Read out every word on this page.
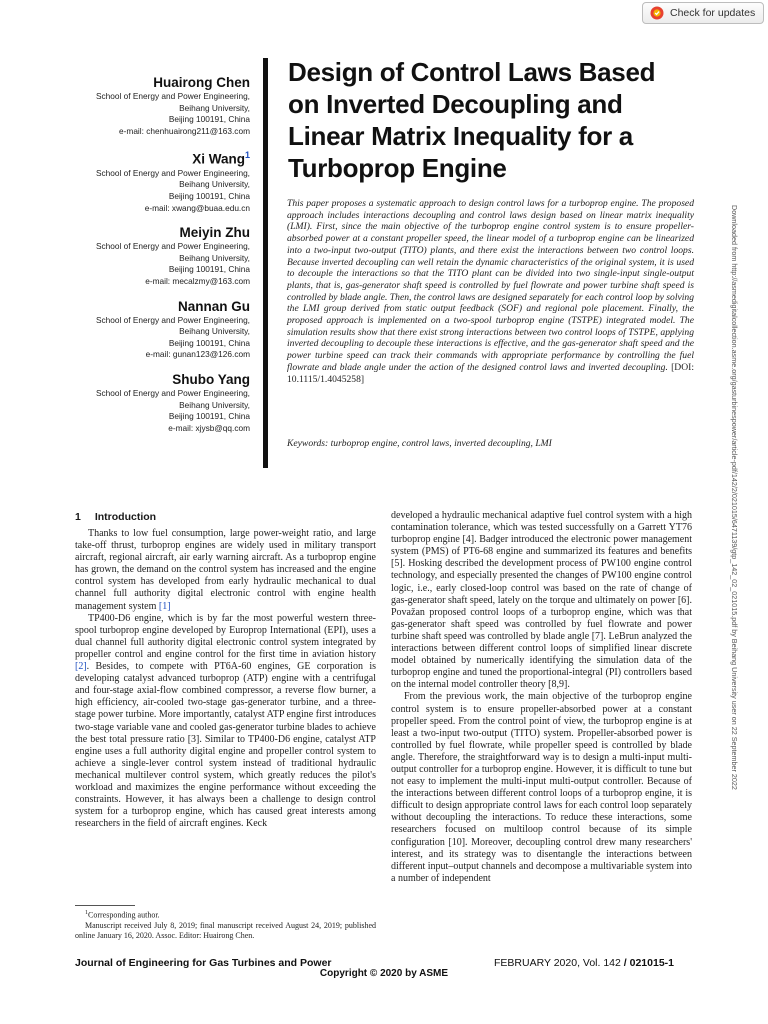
Check for updates
Huairong Chen
School of Energy and Power Engineering,
Beihang University,
Beijing 100191, China
e-mail: chenhuairong211@163.com
Xi Wang$^1$
School of Energy and Power Engineering,
Beihang University,
Beijing 100191, China
e-mail: xwang@buaa.edu.cn
Meiyin Zhu
School of Energy and Power Engineering,
Beihang University,
Beijing 100191, China
e-mail: mecalzmy@163.com
Nannan Gu
School of Energy and Power Engineering,
Beihang University,
Beijing 100191, China
e-mail: gunan123@126.com
Shubo Yang
School of Energy and Power Engineering,
Beihang University,
Beijing 100191, China
e-mail: xjysb@qq.com
Design of Control Laws Based on Inverted Decoupling and Linear Matrix Inequality for a Turboprop Engine
This paper proposes a systematic approach to design control laws for a turboprop engine. The proposed approach includes interactions decoupling and control laws design based on linear matrix inequality (LMI). First, since the main objective of the turboprop engine control system is to ensure propeller-absorbed power at a constant propeller speed, the linear model of a turboprop engine can be linearized into a two-input two-output (TITO) plants, and there exist the interactions between two control loops. Because inverted decoupling can well retain the dynamic characteristics of the original system, it is used to decouple the interactions so that the TITO plant can be divided into two single-input single-output plants, that is, gas-generator shaft speed is controlled by fuel flowrate and power turbine shaft speed is controlled by blade angle. Then, the control laws are designed separately for each control loop by solving the LMI group derived from static output feedback (SOF) and regional pole placement. Finally, the proposed approach is implemented on a two-spool turboprop engine (TSTPE) integrated model. The simulation results show that there exist strong interactions between two control loops of TSTPE, applying inverted decoupling to decouple these interactions is effective, and the gas-generator shaft speed and the power turbine speed can track their commands with appropriate performance by controlling the fuel flowrate and blade angle under the action of the designed control laws and inverted decoupling. [DOI: 10.1115/1.4045258]
Keywords: turboprop engine, control laws, inverted decoupling, LMI	Downloaded from http://asmedigitalcollection.asme.org/gasturbinespower/article-pdf/142/2/021015/6471139/gtp_142_02_021015.pdf by Beihang University user on 22 September 2022
1 Introduction

Thanks to low fuel consumption, large power-weight ratio, and large take-off thrust, turboprop engines are widely used in military transport aircraft, regional aircraft, air early warning aircraft. As a turboprop engine has grown, the demand on the control system has increased and the engine control system has developed from early hydraulic mechanical to dual channel full authority digital electronic control with engine health management system [1]

TP400-D6 engine, which is by far the most powerful western three-spool turboprop engine developed by Europrop International (EPI), uses a dual channel full authority digital electronic control system integrated by propeller control and engine control for the first time in aviation history [2]. Besides, to compete with PT6A-60 engines, GE corporation is developing catalyst advanced turboprop (ATP) engine with a centrifugal and four-stage axial-flow combined compressor, a reverse flow burner, a high efficiency, air-cooled two-stage gas-generator turbine, and a three-stage power turbine. More importantly, catalyst ATP engine first introduces two-stage variable vane and cooled gas-generator turbine blades to achieve the best total pressure ratio [3]. Similar to TP400-D6 engine, catalyst ATP engine uses a full authority digital engine and propeller control system to achieve a single-lever control system instead of traditional hydraulic mechanical multilever control system, which greatly reduces the pilot's workload and maximizes the engine performance without exceeding the constraints. However, it has always been a challenge to design control system for a turboprop engine, which has caused great interests among researchers in the field of aircraft engines. Keck

developed a hydraulic mechanical adaptive fuel control system with a high contamination tolerance, which was tested successfully on a Garrett YT76 turboprop engine [4]. Badger introduced the electronic power management system (PMS) of PT6-68 engine and summarized its features and benefits [5]. Hosking described the development process of PW100 engine control technology, and especially presented the changes of PW100 engine control logic, i.e., early closed-loop control was based on the rate of change of gas-generator shaft speed, lately on the torque and ultimately on power [6]. Považan proposed control loops of a turboprop engine, which was that gas-generator shaft speed was controlled by fuel flowrate and power turbine shaft speed was controlled by blade angle [7]. LeBrun analyzed the interactions between different control loops of simplified linear discrete model obtained by numerically identifying the simulation data of the turboprop engine and tuned the proportional-integral (PI) controllers based on the internal model controller theory [8,9].

From the previous work, the main objective of the turboprop engine control system is to ensure propeller-absorbed power at a constant propeller speed. From the control point of view, the turboprop engine is at least a two-input two-output (TITO) system. Propeller-absorbed power is controlled by fuel flowrate, while propeller speed is controlled by blade angle. Therefore, the straightforward way is to design a multi-input multi-output controller for a turboprop engine. However, it is difficult to tune but not easy to implement the multi-input multi-output controller. Because of the interactions between different control loops of a turboprop engine, it is difficult to design appropriate control laws for each control loop separately without decoupling the interactions. To reduce these interactions, some researchers focused on multiloop control because of its simple configuration [10]. Moreover, decoupling control drew many researchers' interest, and its strategy was to disentangle the interactions between different input–output channels and decompose a multivariable system into a number of independent

$^1$Corresponding author.

Manuscript received July 8, 2019; final manuscript received August 24, 2019; published online January 16, 2020. Assoc. Editor: Huairong Chen.

Journal of Engineering for Gas Turbines and Power	FEBRUARY 2020, Vol. 142 / 021015-1
Copyright © 2020 by ASME
